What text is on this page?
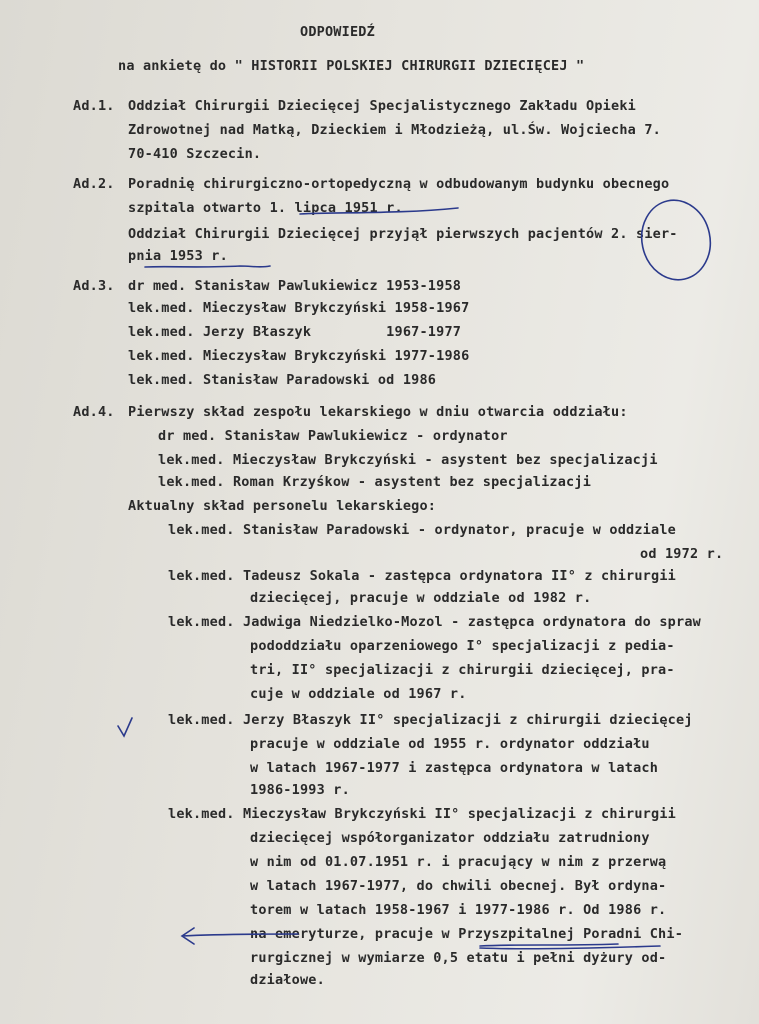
ODPOWIEDŹ
na ankietę do " HISTORII POLSKIEJ CHIRURGII DZIECIĘCEJ "
Ad.1. Oddział Chirurgii Dziecięcej Specjalistycznego Zakładu Opieki
Zdrowotnej nad Matką, Dzieckiem i Młodzieżą, ul.Św. Wojciecha 7.
70-410 Szczecin.
Ad.2. Poradnię chirurgiczno-ortopedyczną w odbudowanym budynku obecnego
szpitala otwarto 1. lipca 1951 r.
Oddział Chirurgii Dziecięcej przyjął pierwszych pacjentów 2. sier-
pnia 1953 r.
Ad.3. dr med. Stanisław Pawlukiewicz 1953-1958
lek.med. Mieczysław Brykczyński 1958-1967
lek.med. Jerzy Błaszyk         1967-1977
lek.med. Mieczysław Brykczyński 1977-1986
lek.med. Stanisław Paradowski od 1986
Ad.4. Pierwszy skład zespołu lekarskiego w dniu otwarcia oddziału:
dr med. Stanisław Pawlukiewicz - ordynator
lek.med. Mieczysław Brykczyński - asystent bez specjalizacji
lek.med. Roman Krzyśkow - asystent bez specjalizacji
Aktualny skład personelu lekarskiego:
lek.med. Stanisław Paradowski - ordynator, pracuje w oddziale
od 1972 r.
lek.med. Tadeusz Sokala - zastępca ordynatora II° z chirurgii
dziecięcej, pracuje w oddziale od 1982 r.
lek.med. Jadwiga Niedzielko-Mozol - zastępca ordynatora do spraw
pododdziału oparzeniowego I° specjalizacji z pedia-
tri, II° specjalizacji z chirurgii dziecięcej, pra-
cuje w oddziale od 1967 r.
lek.med. Jerzy Błaszyk II° specjalizacji z chirurgii dziecięcej
pracuje w oddziale od 1955 r. ordynator oddziału
w latach 1967-1977 i zastępca ordynatora w latach
1986-1993 r.
lek.med. Mieczysław Brykczyński II° specjalizacji z chirurgii
dziecięcej współorganizator oddziału zatrudniony
w nim od 01.07.1951 r. i pracujący w nim z przerwą
w latach 1967-1977, do chwili obecnej. Był ordyna-
torem w latach 1958-1967 i 1977-1986 r. Od 1986 r.
na emeryturze, pracuje w Przyszpitalnej Poradni Chi-
rurgicznej w wymiarze 0,5 etatu i pełni dyżury od-
działowe.
